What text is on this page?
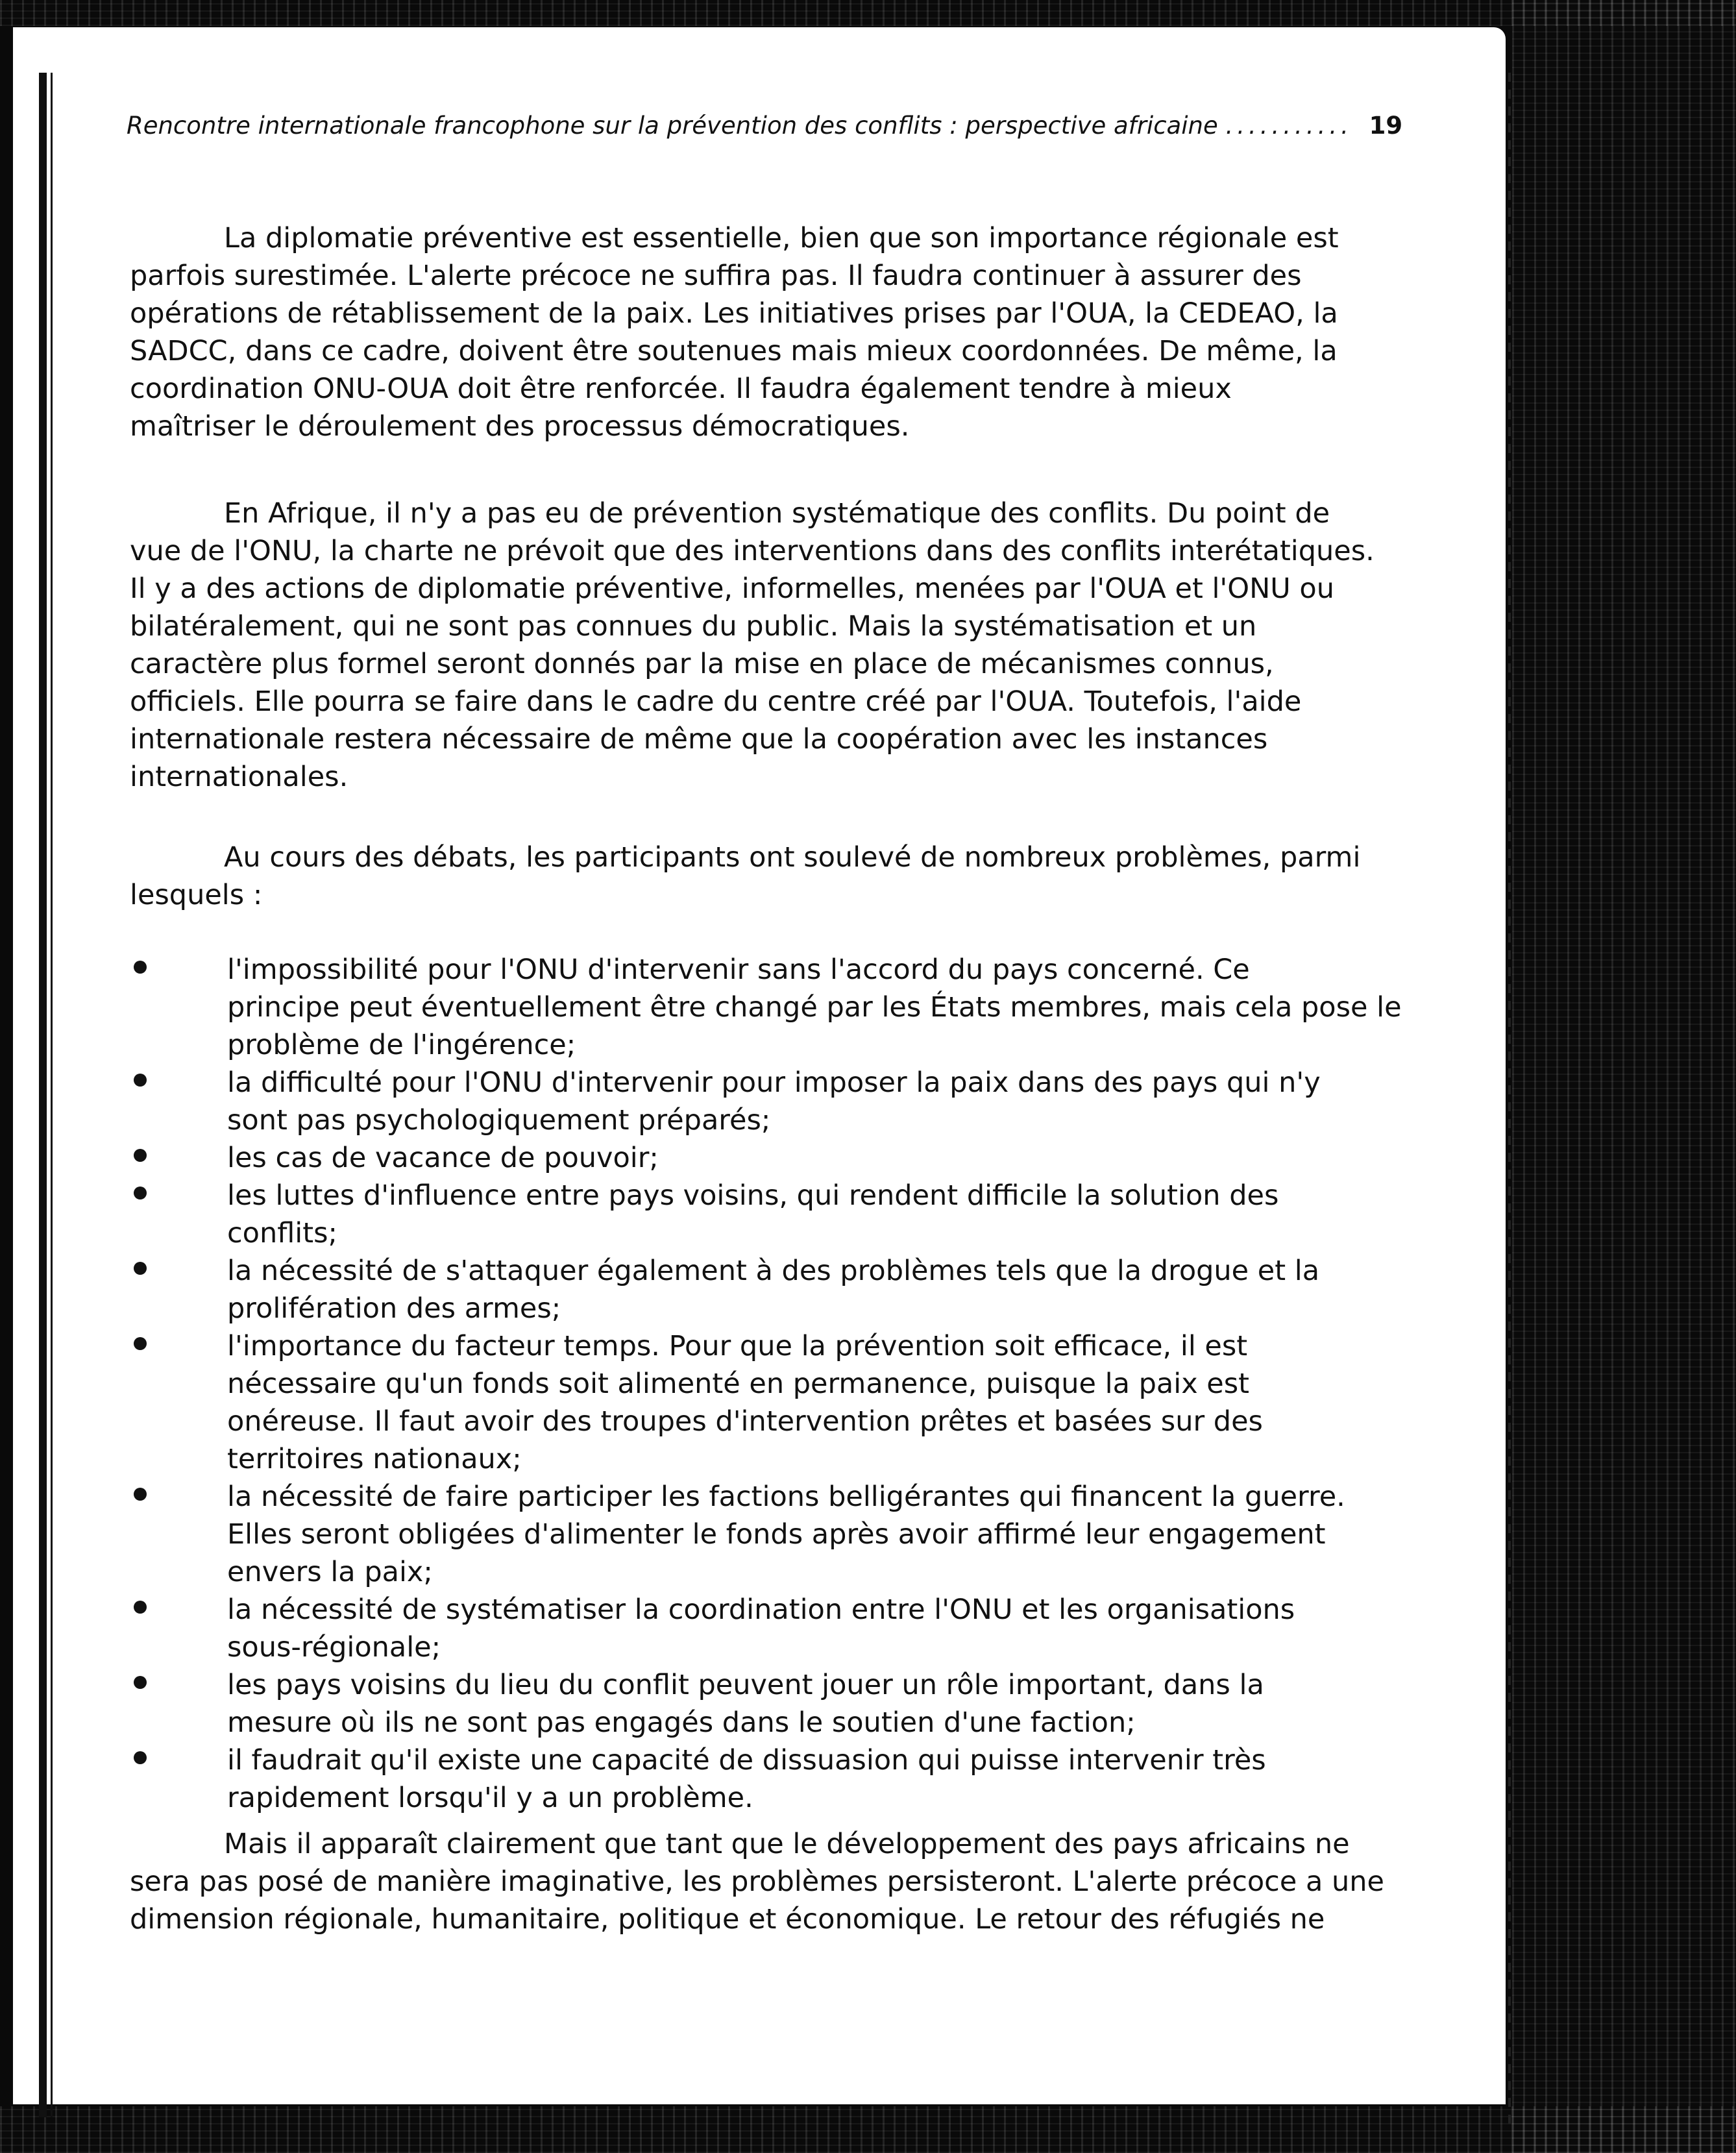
Rencontre internationale francophone sur la prévention des conflits : perspective africaine ........... 19
La diplomatie préventive est essentielle, bien que son importance régionale est
parfois surestimée. L'alerte précoce ne suffira pas. Il faudra continuer à assurer des
opérations de rétablissement de la paix. Les initiatives prises par l'OUA, la CEDEAO, la
SADCC, dans ce cadre, doivent être soutenues mais mieux coordonnées. De même, la
coordination ONU-OUA doit être renforcée. Il faudra également tendre à mieux
maîtriser le déroulement des processus démocratiques.
En Afrique, il n'y a pas eu de prévention systématique des conflits. Du point de
vue de l'ONU, la charte ne prévoit que des interventions dans des conflits interétatiques.
Il y a des actions de diplomatie préventive, informelles, menées par l'OUA et l'ONU ou
bilatéralement, qui ne sont pas connues du public. Mais la systématisation et un
caractère plus formel seront donnés par la mise en place de mécanismes connus,
officiels. Elle pourra se faire dans le cadre du centre créé par l'OUA. Toutefois, l'aide
internationale restera nécessaire de même que la coopération avec les instances
internationales.
Au cours des débats, les participants ont soulevé de nombreux problèmes, parmi
lesquels :
l'impossibilité pour l'ONU d'intervenir sans l'accord du pays concerné. Ce
principe peut éventuellement être changé par les États membres, mais cela pose le
problème de l'ingérence;
la difficulté pour l'ONU d'intervenir pour imposer la paix dans des pays qui n'y
sont pas psychologiquement préparés;
les cas de vacance de pouvoir;
les luttes d'influence entre pays voisins, qui rendent difficile la solution des
conflits;
la nécessité de s'attaquer également à des problèmes tels que la drogue et la
prolifération des armes;
l'importance du facteur temps. Pour que la prévention soit efficace, il est
nécessaire qu'un fonds soit alimenté en permanence, puisque la paix est
onéreuse. Il faut avoir des troupes d'intervention prêtes et basées sur des
territoires nationaux;
la nécessité de faire participer les factions belligérantes qui financent la guerre.
Elles seront obligées d'alimenter le fonds après avoir affirmé leur engagement
envers la paix;
la nécessité de systématiser la coordination entre l'ONU et les organisations
sous-régionale;
les pays voisins du lieu du conflit peuvent jouer un rôle important, dans la
mesure où ils ne sont pas engagés dans le soutien d'une faction;
il faudrait qu'il existe une capacité de dissuasion qui puisse intervenir très
rapidement lorsqu'il y a un problème.
Mais il apparaît clairement que tant que le développement des pays africains ne
sera pas posé de manière imaginative, les problèmes persisteront. L'alerte précoce a une
dimension régionale, humanitaire, politique et économique. Le retour des réfugiés ne
